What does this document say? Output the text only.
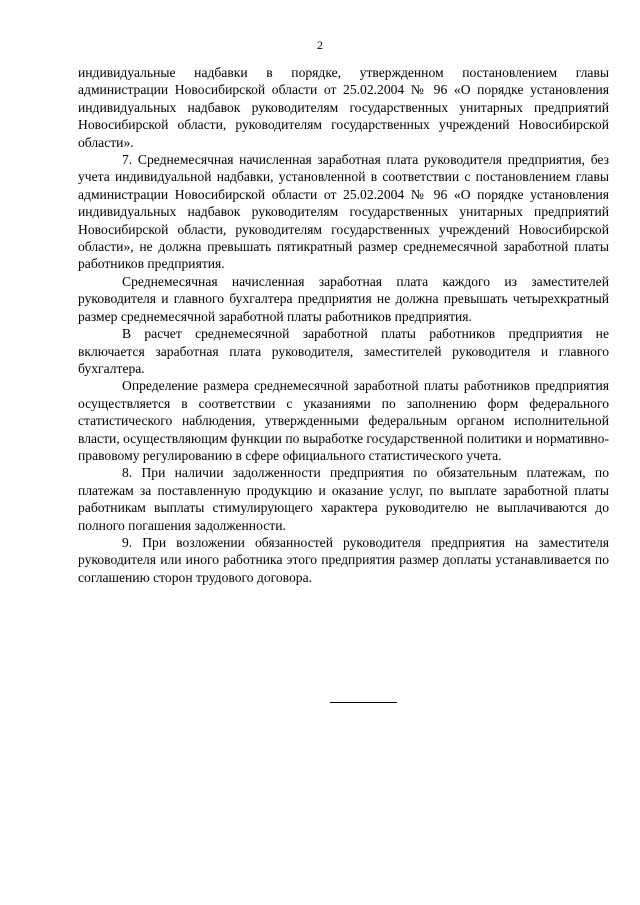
2

индивидуальные надбавки в порядке, утвержденном постановлением главы администрации Новосибирской области от 25.02.2004 № 96 «О порядке установления индивидуальных надбавок руководителям государственных унитарных предприятий Новосибирской области, руководителям государственных учреждений Новосибирской области».

7. Среднемесячная начисленная заработная плата руководителя предприятия, без учета индивидуальной надбавки, установленной в соответствии с постановлением главы администрации Новосибирской области от 25.02.2004 № 96 «О порядке установления индивидуальных надбавок руководителям государственных унитарных предприятий Новосибирской области, руководителям государственных учреждений Новосибирской области», не должна превышать пятикратный размер среднемесячной заработной платы работников предприятия.

Среднемесячная начисленная заработная плата каждого из заместителей руководителя и главного бухгалтера предприятия не должна превышать четырехкратный размер среднемесячной заработной платы работников предприятия.

В расчет среднемесячной заработной платы работников предприятия не включается заработная плата руководителя, заместителей руководителя и главного бухгалтера.

Определение размера среднемесячной заработной платы работников предприятия осуществляется в соответствии с указаниями по заполнению форм федерального статистического наблюдения, утвержденными федеральным органом исполнительной власти, осуществляющим функции по выработке государственной политики и нормативно-правовому регулированию в сфере официального статистического учета.

8. При наличии задолженности предприятия по обязательным платежам, по платежам за поставленную продукцию и оказание услуг, по выплате заработной платы работникам выплаты стимулирующего характера руководителю не выплачиваются до полного погашения задолженности.

9. При возложении обязанностей руководителя предприятия на заместителя руководителя или иного работника этого предприятия размер доплаты устанавливается по соглашению сторон трудового договора.
